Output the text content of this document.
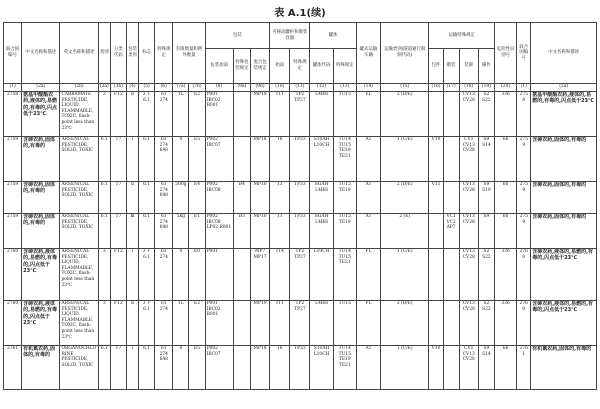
表 A.1(续)
联合国编号	中文名称和描述	英文名称和描述	类别	分类代码	包装类别	标志	特殊规定	有限数量和例外数量		包装			可移动罐柜和散装容器		罐体		罐式运输车辆	运输类别(隧道通行限制代码)	运输特殊规定				危险性识别号	联合国编号	中文名称和描述
										包装指南	特殊包装规定	混合包装规定	指南	特殊规定	罐体代码	特殊规定			包件	散装	装卸	操作			

(1)	(2a)	(2b)	(3a)	(3b)	(4)	(5)	(6)	(7a)	(7b)	(8)	(9a)	(9b)	(10)	(11)	(12)	(13)	(14)	(15)	(16)	(17)	(18)	(19)	(20)	(1)	(2a)
2758	氨基甲酸酯农药,液体的,易燃的,有毒的,闪点低于23℃	CARBAMATE PESTICIDE, LIQUID, FLAMMABLE, TOXIC, flash-point less than 23℃	3	FT2	Ⅱ	3 + 6.1	61 274	1L	E2	P001 IBC02 R001		MP19	T11	TP2 TP27	L4BH	TU15	FL	2 (D/E)			CV13 CV28	S2 S22	336	2758	氨基甲酸酯农药,液体的,易燃的,有毒的,闪点低于23℃
2759	含砷农药,固体的,有毒的	ARSENICAL PESTICIDE, SOLID, TOXIC	6.1	T7	Ⅰ	6.1	61 274 648	0	E5	P002 IBC07		MP18	T6	TP33	S10AH L10CH	TU14 TU15 TE19 TE21	AT	1 (C/E)	V10		CV1 CV13 CV28	S9 S14	66	2759	含砷农药,固体的,有毒的
2759	含砷农药,固体的,有毒的	ARSENICAL PESTICIDE, SOLID, TOXIC	6.1	T7	Ⅱ	6.1	61 274 648	500g	E4	P002 IBC08	B4	MP10	T3	TP33	SGAH L4BH	TU15 TE19	AT	2 (D/E)	V11		CV13 CV28	S9 S19	60	2759	含砷农药,固体的,有毒的
2759	含砷农药,固体的,有毒的	ARSENICAL PESTICIDE, SOLID, TOXIC	6.1	T7	Ⅲ	6.1	61 274 648	5kg	E1	P002 IBC08 LP02 R001	B3	MP10	T1	TP33	SGAH L4BH	TU15 TE19	AT	2 (E)		VC1 VC2 AP7	CV13 CV28	S9	60	2759	含砷农药,固体的,有毒的
2760	含砷农药,液体的,易燃的,有毒的,闪点低于23℃	ARSENICAL PESTICIDE, LIQUID, FLAMMABLE, TOXIC, flash-point less than 23℃	3	FT2	Ⅰ	3 + 6.1	61 274	0	E0	P001		MP7 MP17	T14	TP2 TP27	L10CH	TU14 TU15 TE21	FL	1 (C/E)			CV13 CV28	S2 S22	336	2760	含砷农药,液体的,易燃的,有毒的,闪点低于23℃
2760	含砷农药,液体的,易燃的,有毒的,闪点低于23℃	ARSENICAL PESTICIDE, LIQUID, FLAMMABLE, TOXIC, flash-point less than 23℃	3	FT2	Ⅱ	3 + 6.1	61 274	1L	E2	P001 IBC02 R001		MP19	T11	TP2 TP27	L4BH	TU15	FL	2 (D/E)			CV13 CV28	S2 S22	336	2760	含砷农药,液体的,易燃的,有毒的,闪点低于23℃
2761	有机氯农药,固体的,有毒的	ORGANOCHLORINE PESTICIDE, SOLID, TOXIC	6.1	T7	Ⅰ	6.1	61 274 648	0	E5	P002 IBC07		MP18	T6	TP33	S10AH L10CH	TU14 TU15 TE19 TE21	AT	1 (C/E)	V10		CV1 CV13 CV28	S9 S14	66	2761	有机氯农药,固体的,有毒的
